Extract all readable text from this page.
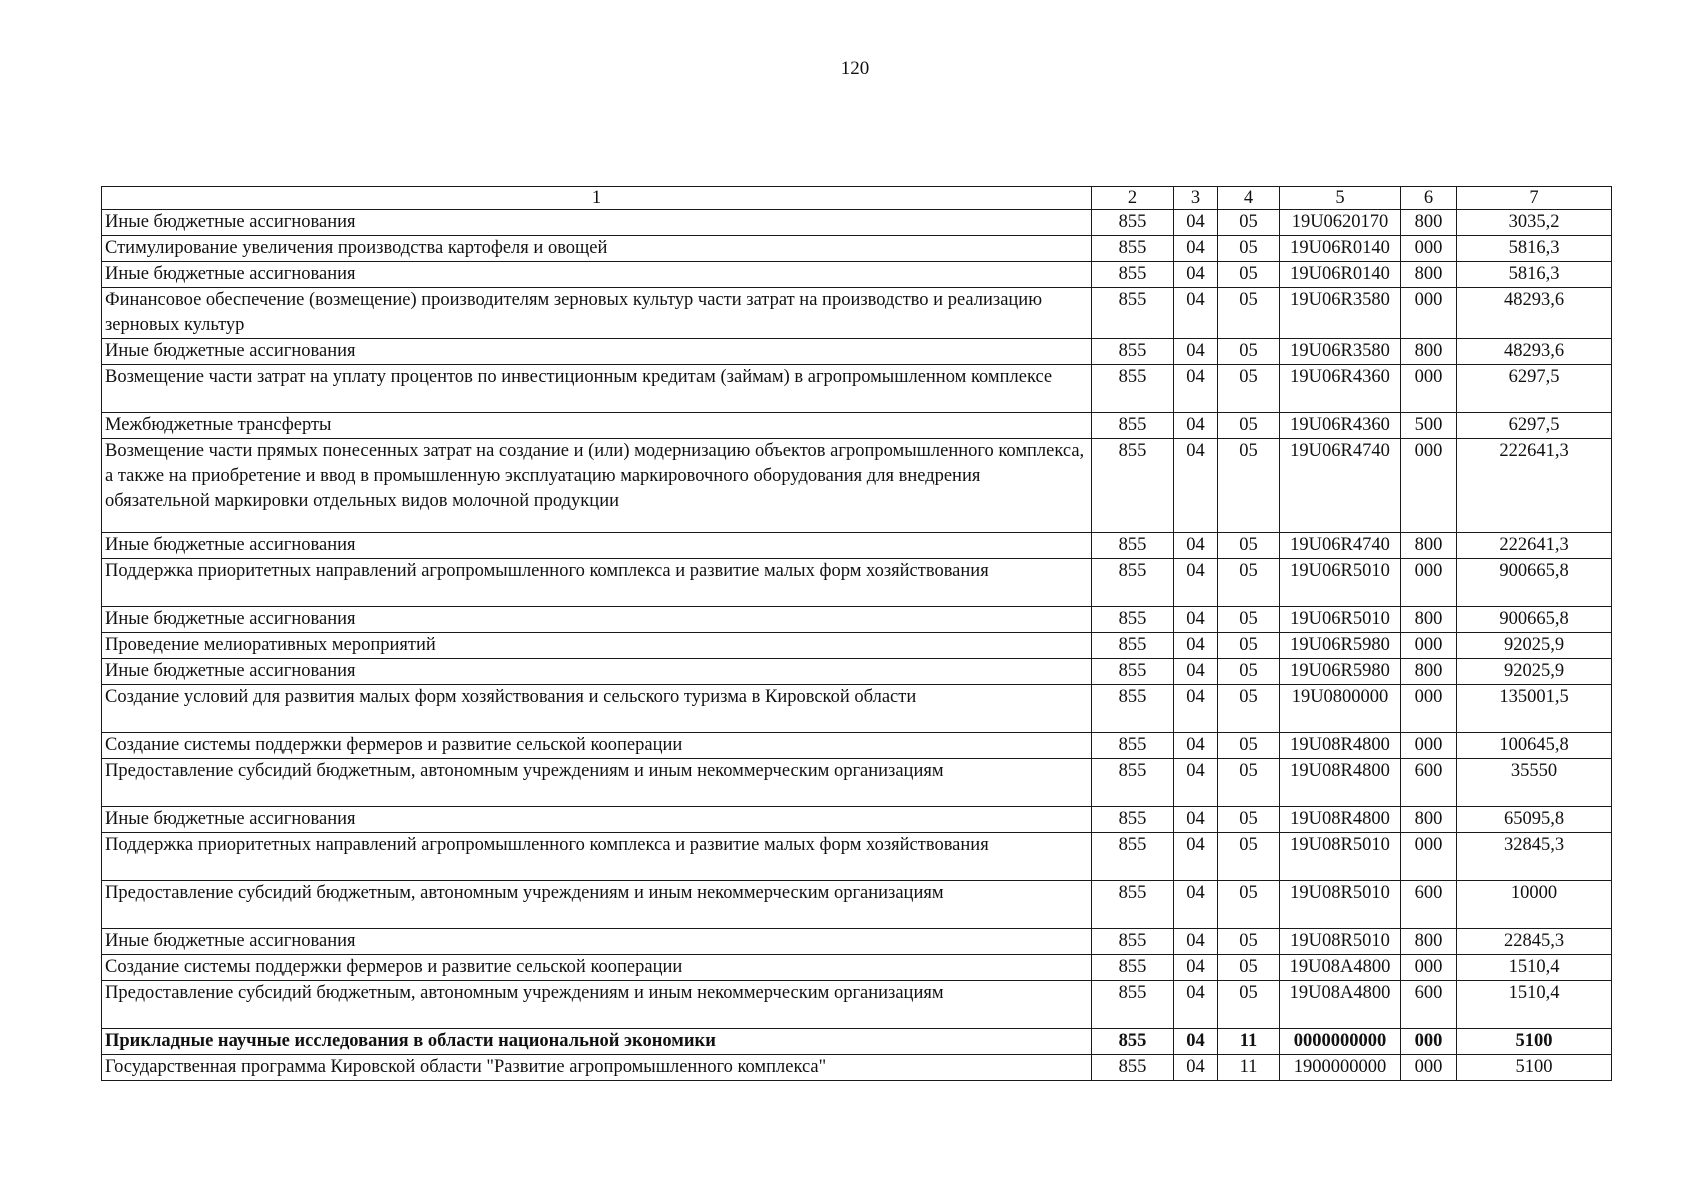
120
1	2	3	4	5	6	7
Иные бюджетные ассигнования	855	04	05	19U0620170	800	3035,2
Стимулирование увеличения производства картофеля и овощей	855	04	05	19U06R0140	000	5816,3
Иные бюджетные ассигнования	855	04	05	19U06R0140	800	5816,3
Финансовое обеспечение (возмещение) производителям зерновых культур части затрат на производство и реализацию зерновых культур	855	04	05	19U06R3580	000	48293,6
Иные бюджетные ассигнования	855	04	05	19U06R3580	800	48293,6
Возмещение части затрат на уплату процентов по инвестиционным кредитам (займам) в агропромышленном комплексе	855	04	05	19U06R4360	000	6297,5
Межбюджетные трансферты	855	04	05	19U06R4360	500	6297,5
Возмещение части прямых понесенных затрат на создание и (или) модернизацию объектов агропромышленного комплекса, а также на приобретение и ввод в промышленную эксплуатацию маркировочного оборудования для внедрения обязательной маркировки отдельных видов молочной продукции	855	04	05	19U06R4740	000	222641,3
Иные бюджетные ассигнования	855	04	05	19U06R4740	800	222641,3
Поддержка приоритетных направлений агропромышленного комплекса и развитие малых форм хозяйствования	855	04	05	19U06R5010	000	900665,8
Иные бюджетные ассигнования	855	04	05	19U06R5010	800	900665,8
Проведение мелиоративных мероприятий	855	04	05	19U06R5980	000	92025,9
Иные бюджетные ассигнования	855	04	05	19U06R5980	800	92025,9
Создание условий для развития малых форм хозяйствования и сельского туризма в Кировской области	855	04	05	19U0800000	000	135001,5
Создание системы поддержки фермеров и развитие сельской кооперации	855	04	05	19U08R4800	000	100645,8
Предоставление субсидий бюджетным, автономным учреждениям и иным некоммерческим организациям	855	04	05	19U08R4800	600	35550
Иные бюджетные ассигнования	855	04	05	19U08R4800	800	65095,8
Поддержка приоритетных направлений агропромышленного комплекса и развитие малых форм хозяйствования	855	04	05	19U08R5010	000	32845,3
Предоставление субсидий бюджетным, автономным учреждениям и иным некоммерческим организациям	855	04	05	19U08R5010	600	10000
Иные бюджетные ассигнования	855	04	05	19U08R5010	800	22845,3
Создание системы поддержки фермеров и развитие сельской кооперации	855	04	05	19U08A4800	000	1510,4
Предоставление субсидий бюджетным, автономным учреждениям и иным некоммерческим организациям	855	04	05	19U08A4800	600	1510,4
Прикладные научные исследования в области национальной экономики	855	04	11	0000000000	000	5100
Государственная программа Кировской области "Развитие агропромышленного комплекса"	855	04	11	1900000000	000	5100
